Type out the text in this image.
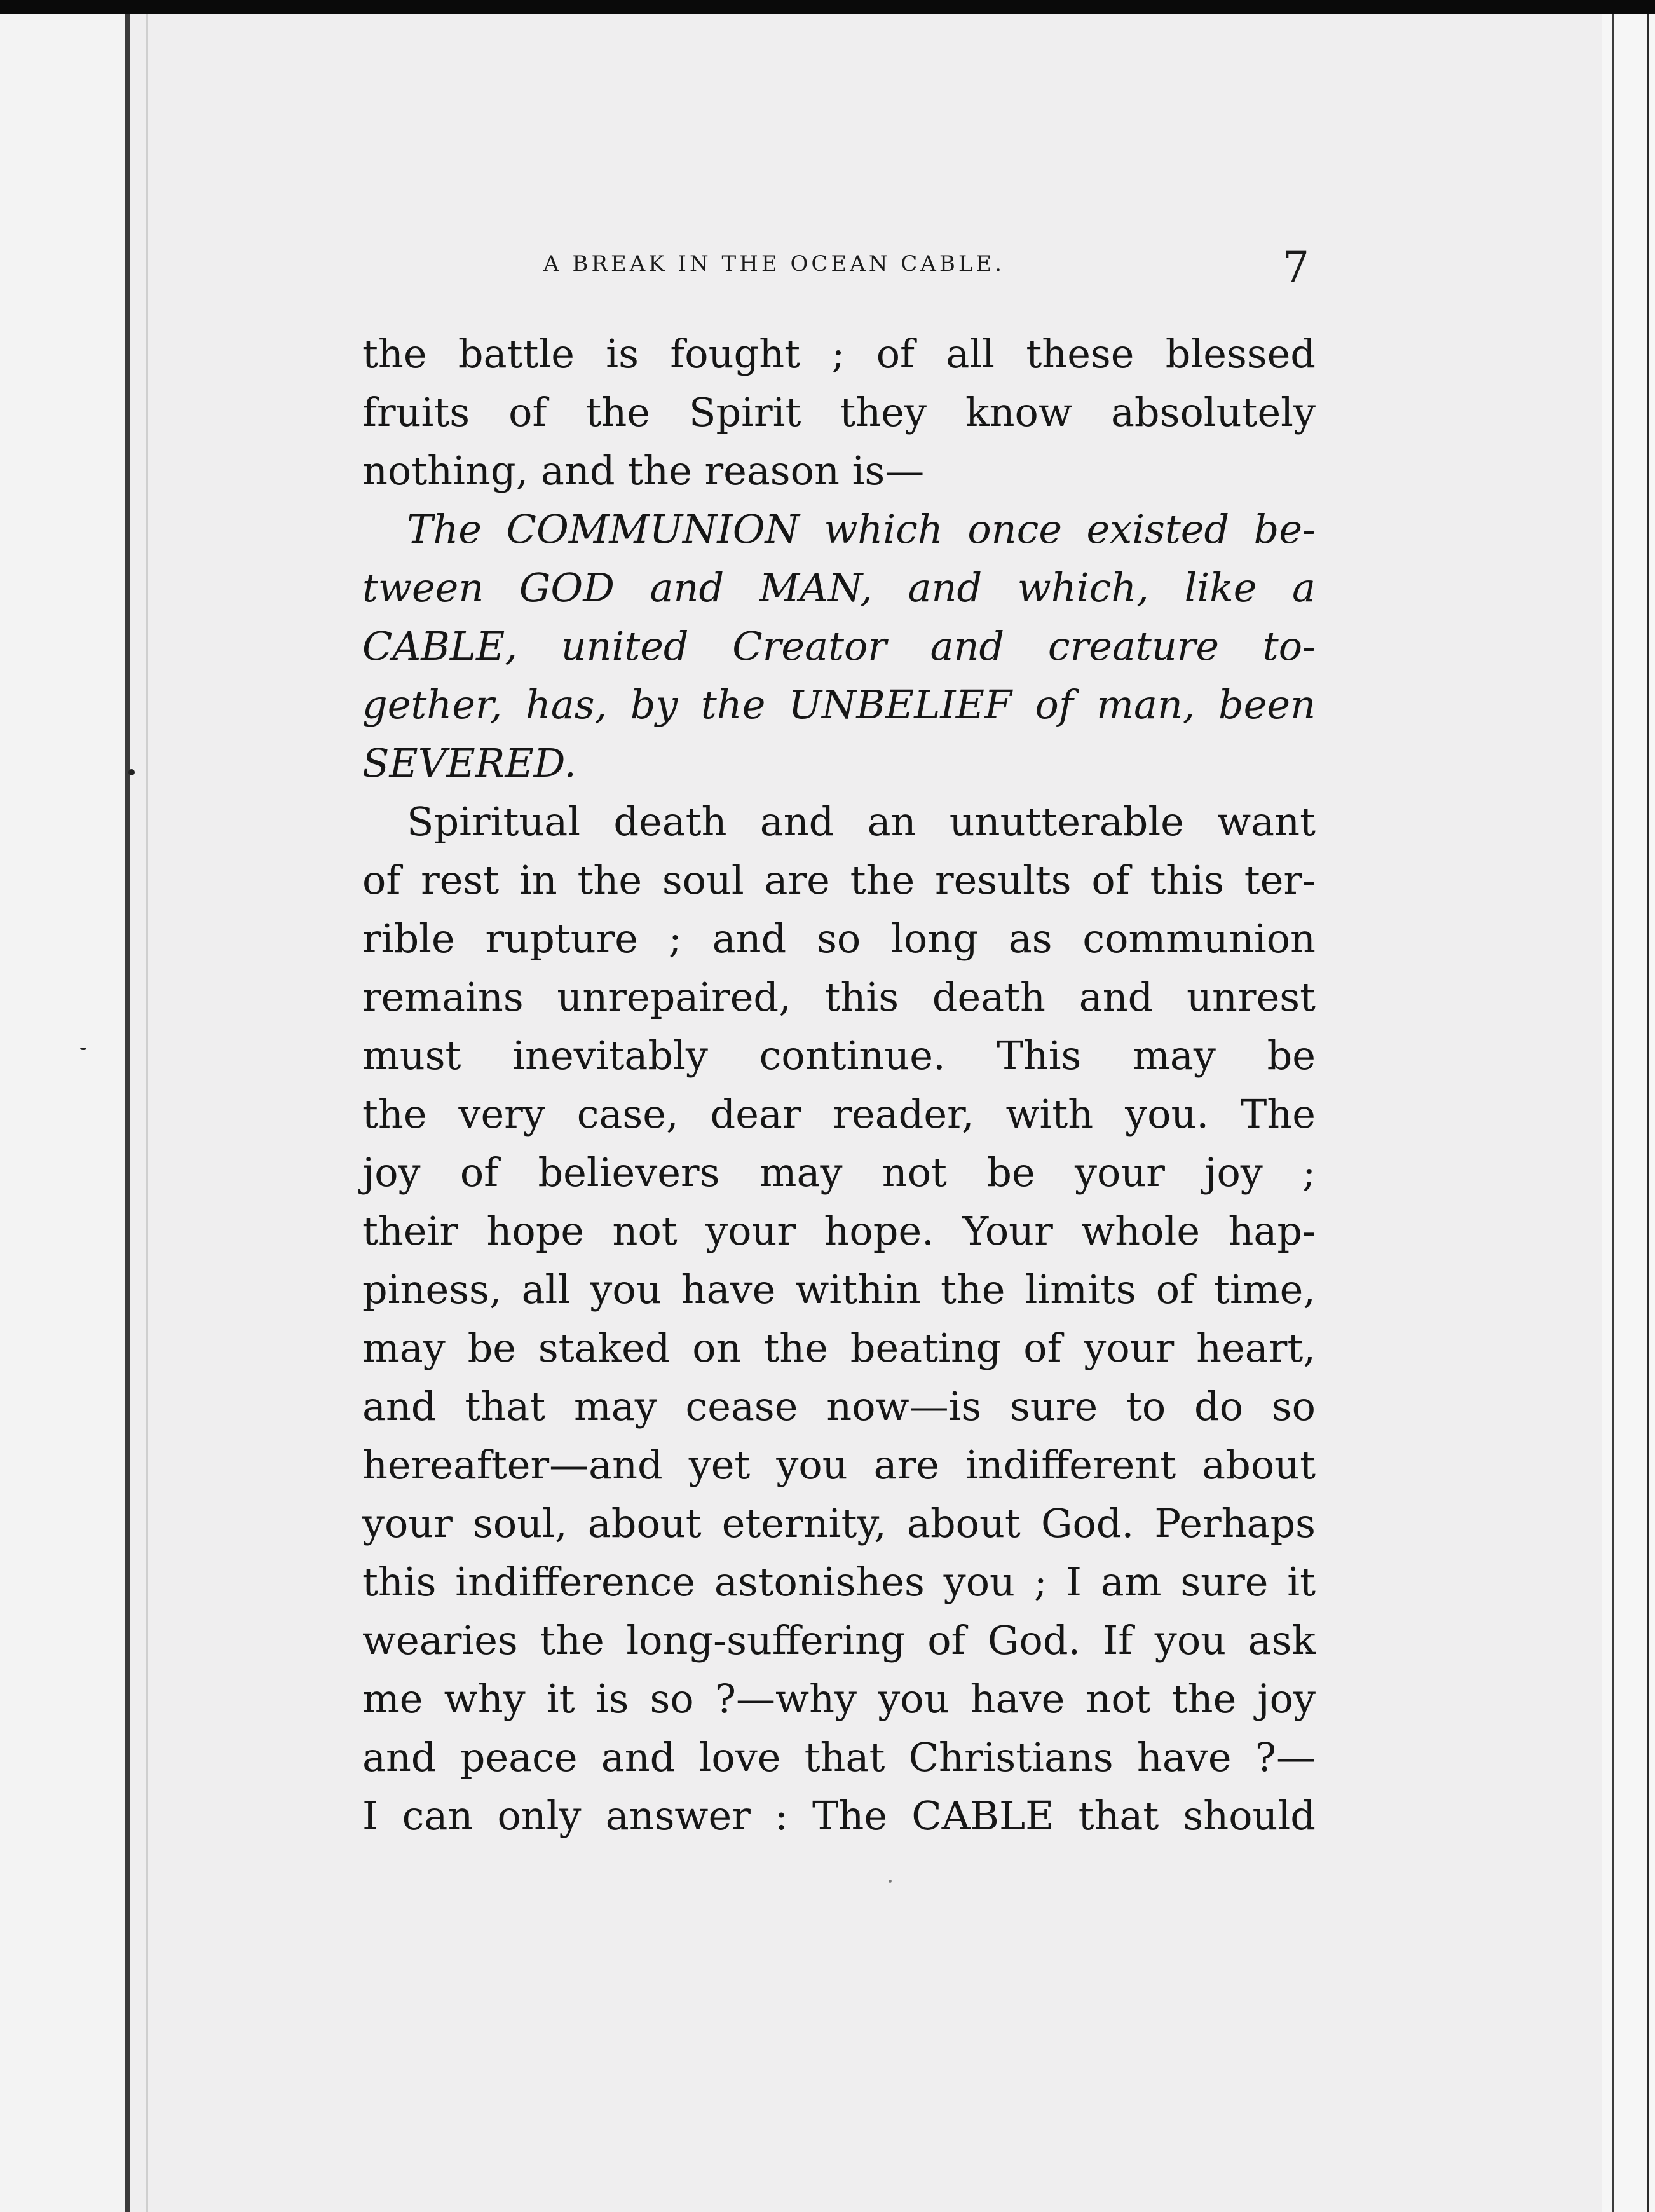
A BREAK IN THE OCEAN CABLE.	7
the battle is fought ; of all these blessed
fruits of the Spirit they know absolutely
nothing, and the reason is—
The COMMUNION which once existed be-
tween GOD and MAN, and which, like a
CABLE, united Creator and creature to-
gether, has, by the UNBELIEF of man, been
SEVERED.
Spiritual death and an unutterable want
of rest in the soul are the results of this ter-
rible rupture ; and so long as communion
remains unrepaired, this death and unrest
must inevitably continue. This may be
the very case, dear reader, with you. The
joy of believers may not be your joy ;
their hope not your hope. Your whole hap-
piness, all you have within the limits of time,
may be staked on the beating of your heart,
and that may cease now—is sure to do so
hereafter—and yet you are indifferent about
your soul, about eternity, about God. Perhaps
this indifference astonishes you ; I am sure it
wearies the long-suffering of God. If you ask
me why it is so ?—why you have not the joy
and peace and love that Christians have ?—
I can only answer : The CABLE that should
